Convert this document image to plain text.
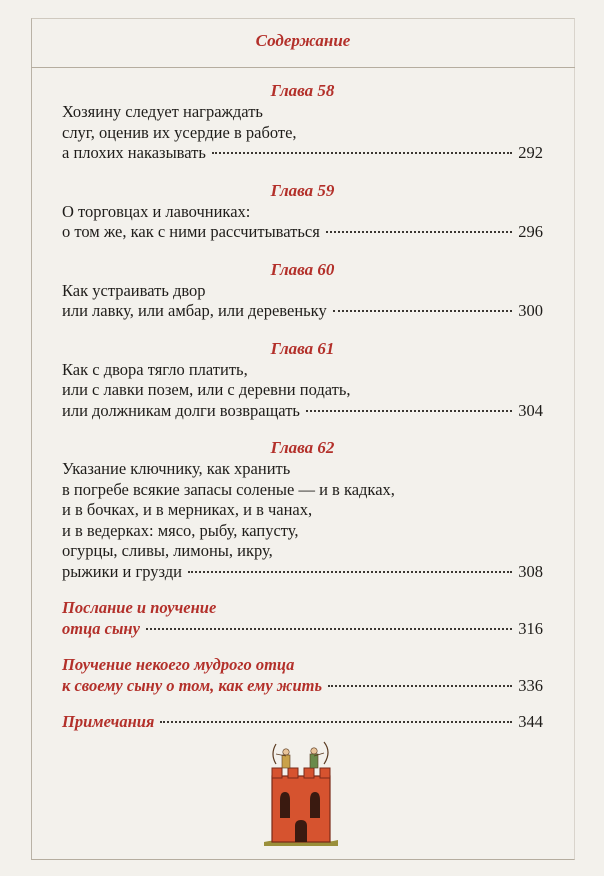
Содержание
Глава 58
Хозяину следует награждать
слуг, оценив их усердие в работе,
а плохих наказывать	292
Глава 59
О торговцах и лавочниках:
о том же, как с ними рассчитываться	296
Глава 60
Как устраивать двор
или лавку, или амбар, или деревеньку	300
Глава 61
Как с двора тягло платить,
или с лавки позем, или с деревни подать,
или должникам долги возвращать	304
Глава 62
Указание ключнику, как хранить
в погребе всякие запасы соленые — и в кадках,
и в бочках, и в мерниках, и в чанах,
и в ведерках: мясо, рыбу, капусту,
огурцы, сливы, лимоны, икру,
рыжики и грузди	308
Послание и поучение
отца сыну	316
Поучение некоего мудрого отца
к своему сыну о том, как ему жить	336
Примечания	344
